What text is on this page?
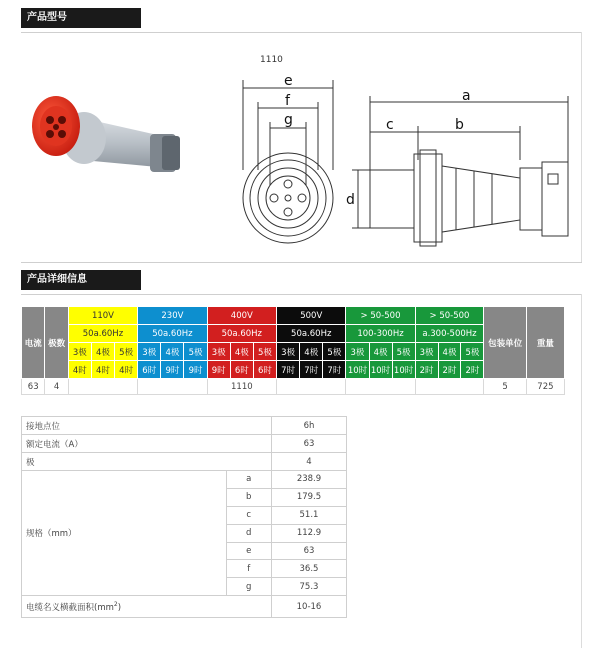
产品型号
1110
e
f
g
a
b
c
d
产品详细信息
电流	极数	110V			230V			400V			500V			> 50-500			> 50-500			包装单位	重量
		50a.60Hz			50a.60Hz			50a.60Hz			50a.60Hz			100-300Hz			a.300-500Hz				
		3极	4极	5极	3极	4极	5极	3极	4极	5极	3极	4极	5极	3极	4极	5极	3极	4极	5极		
		4时	4时	4时	6时	9时	9时	9时	6时	6时	7时	7时	7时	10时	10时	10时	2时	2时	2时		
63	4							1110												5	725
接地点位		6h
额定电流（A）		63
极		4
规格（mm）	a	238.9
	b	179.5
	c	51.1
	d	112.9
	e	63
	f	36.5
	g	75.3
电缆名义横截面积$(mm^2)$		10-16
